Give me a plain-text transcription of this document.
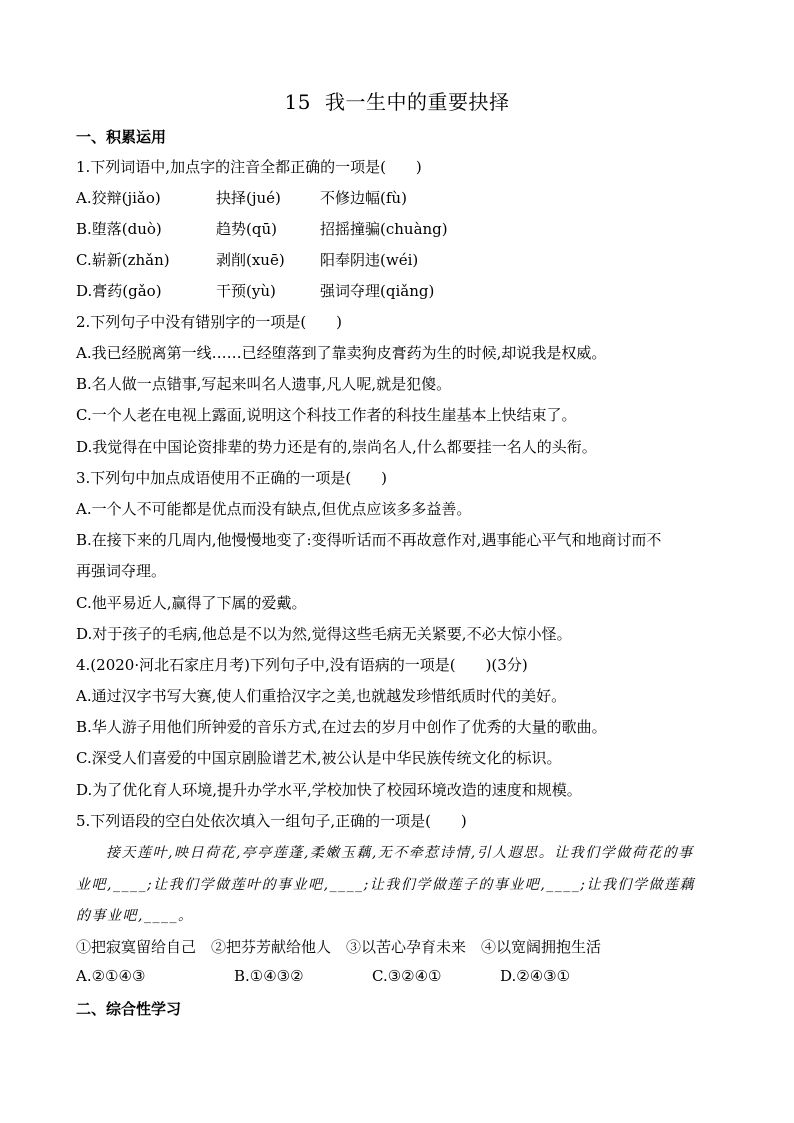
15 我一生中的重要抉择
一、积累运用
1.下列词语中,加点字的注音全都正确的一项是(　　)
A.狡辩(jiǎo)	抉择(jué)	不修边幅(fù)
B.堕落(duò)	趋势(qū)	招摇撞骗(chuàng)
C.崭新(zhǎn)	剥削(xuē) 阳奉阴违(wéi)
D.膏药(gǎo)	干预(yù)	强词夺理(qiǎng)
2.下列句子中没有错别字的一项是(　　)
A.我已经脱离第一线……已经堕落到了靠卖狗皮膏药为生的时候,却说我是权威。
B.名人做一点错事,写起来叫名人遗事,凡人呢,就是犯傻。
C.一个人老在电视上露面,说明这个科技工作者的科技生崖基本上快结束了。
D.我觉得在中国论资排辈的势力还是有的,崇尚名人,什么都要挂一名人的头衔。
3.下列句中加点成语使用不正确的一项是(　　)
A.一个人不可能都是优点而没有缺点,但优点应该多多益善。
B.在接下来的几周内,他慢慢地变了:变得听话而不再故意作对,遇事能心平气和地商讨而不
再强词夺理。
C.他平易近人,赢得了下属的爱戴。
D.对于孩子的毛病,他总是不以为然,觉得这些毛病无关紧要,不必大惊小怪。
4.(2020·河北石家庄月考)下列句子中,没有语病的一项是(　　)(3分)
A.通过汉字书写大赛,使人们重拾汉字之美,也就越发珍惜纸质时代的美好。
B.华人游子用他们所钟爱的音乐方式,在过去的岁月中创作了优秀的大量的歌曲。
C.深受人们喜爱的中国京剧脸谱艺术,被公认是中华民族传统文化的标识。
D.为了优化育人环境,提升办学水平,学校加快了校园环境改造的速度和规模。
5.下列语段的空白处依次填入一组句子,正确的一项是(　　)
接天莲叶,映日荷花,亭亭莲蓬,柔嫩玉藕,无不牵惹诗情,引人遐思。让我们学做荷花的事
业吧,____;让我们学做莲叶的事业吧,____;让我们学做莲子的事业吧,____;让我们学做莲藕
的事业吧,____。
①把寂寞留给自己　②把芬芳献给他人　③以苦心孕育未来　④以宽阔拥抱生活
A.②①④③	B.①④③②	C.③②④①	D.②④③①
二、综合性学习
